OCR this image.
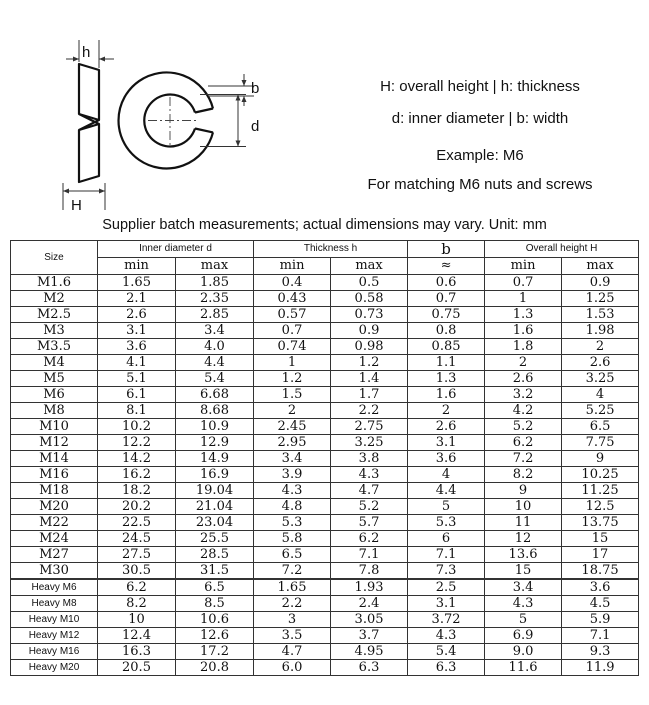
h
H
b
d
H: overall height | h: thickness
d: inner diameter | b: width
Example: M6
For matching M6 nuts and screws
Supplier batch measurements; actual dimensions may vary. Unit: mm
Size	Inner diameter d		Thickness h		b	Overall height H	
	min	max	min	max	≈	min	max
M1.6	1.65	1.85	0.4	0.5	0.6	0.7	0.9
M2	2.1	2.35	0.43	0.58	0.7	1	1.25
M2.5	2.6	2.85	0.57	0.73	0.75	1.3	1.53
M3	3.1	3.4	0.7	0.9	0.8	1.6	1.98
M3.5	3.6	4.0	0.74	0.98	0.85	1.8	2
M4	4.1	4.4	1	1.2	1.1	2	2.6
M5	5.1	5.4	1.2	1.4	1.3	2.6	3.25
M6	6.1	6.68	1.5	1.7	1.6	3.2	4
M8	8.1	8.68	2	2.2	2	4.2	5.25
M10	10.2	10.9	2.45	2.75	2.6	5.2	6.5
M12	12.2	12.9	2.95	3.25	3.1	6.2	7.75
M14	14.2	14.9	3.4	3.8	3.6	7.2	9
M16	16.2	16.9	3.9	4.3	4	8.2	10.25
M18	18.2	19.04	4.3	4.7	4.4	9	11.25
M20	20.2	21.04	4.8	5.2	5	10	12.5
M22	22.5	23.04	5.3	5.7	5.3	11	13.75
M24	24.5	25.5	5.8	6.2	6	12	15
M27	27.5	28.5	6.5	7.1	7.1	13.6	17
M30	30.5	31.5	7.2	7.8	7.3	15	18.75
Heavy M6	6.2	6.5	1.65	1.93	2.5	3.4	3.6
Heavy M8	8.2	8.5	2.2	2.4	3.1	4.3	4.5
Heavy M10	10	10.6	3	3.05	3.72	5	5.9
Heavy M12	12.4	12.6	3.5	3.7	4.3	6.9	7.1
Heavy M16	16.3	17.2	4.7	4.95	5.4	9.0	9.3
Heavy M20	20.5	20.8	6.0	6.3	6.3	11.6	11.9
